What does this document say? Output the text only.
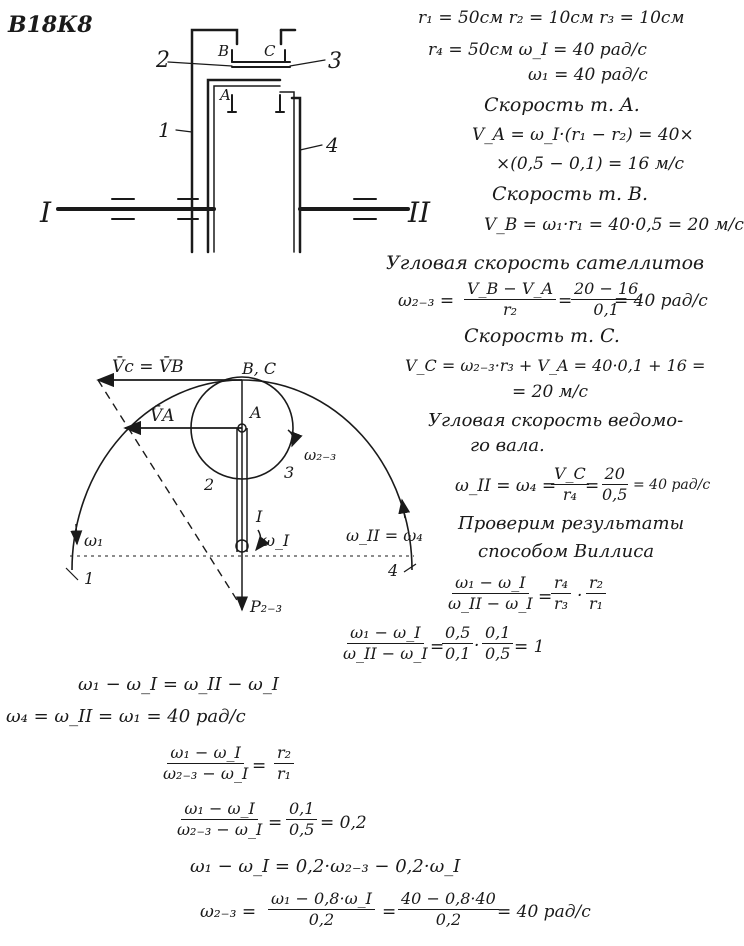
В18К8	r₁ = 50см r₂ = 10см r₃ = 10см
r₄ = 50см ω_I = 40 рад/с
ω₁ = 40 рад/с
Скорость т. A.
V_A = ω_I·(r₁ − r₂) = 40×
×(0,5 − 0,1) = 16 м/с
Скорость т. B.
V_B = ω₁·r₁ = 40·0,5 = 20 м/с
Угловая скорость сателлитов
$\omega_{2-3} = \frac{V\_B - V\_A}{\text{r₂}}$ =
$\frac{20 - 16}{0,1}$
= 40 рад/с
Скорость т. C.
V_C = ω₂₋₃·r₃ + V_A = 40·0,1 + 16 =
= 20 м/с
Угловая скорость ведомо-
го вала.
ω_II = ω₄ =
$\frac{V\_C}{\text{r₄}}$
= $\frac{20}{0,5} = 40$ рад/с
Проверим результаты
способом Виллиса
$\frac{\text{ω₁ − ω\_I}}{\omega\_II - \omega\_I}$ =
$\frac{\text{r₄}}{\text{r₃}} \cdot \frac{\text{r₂}}{\text{r₁}}$
$\frac{\text{ω₁ − ω\_I}}{\omega\_II - \omega\_I}$ =
$\frac{0,5}{0,1} \cdot \frac{0,1}{0,5} = 1$
ω₁ − ω_I = ω_II − ω_I
ω₄ = ω_II = ω₁ = 40 рад/с
$\frac{\text{ω₁ − ω\_I}}{\text{ω₂₋₃ − ω\_I}} = \frac{\text{r₂}}{\text{r₁}}$
$\frac{\text{ω₁ − ω\_I}}{\text{ω₂₋₃ − ω\_I}} = \frac{0,1}{0,5} = 0,2$
ω₁ − ω_I = 0,2·ω₂₋₃ − 0,2·ω_I
$\omega_{2-3} = \frac{\text{ω₁ − 0,8·ω\_I}}{0,2} = \frac{40 - 0,8\cdot 40}{0,2}$
= 40 рад/с
I	II
2	3
1
4
B C
A
V̄c = V̄B
V̄A
B, C
A
ω₂₋₃
I
ω_I
ω₁	ω_II = ω₄
1
2
3
4
P₂₋₃
